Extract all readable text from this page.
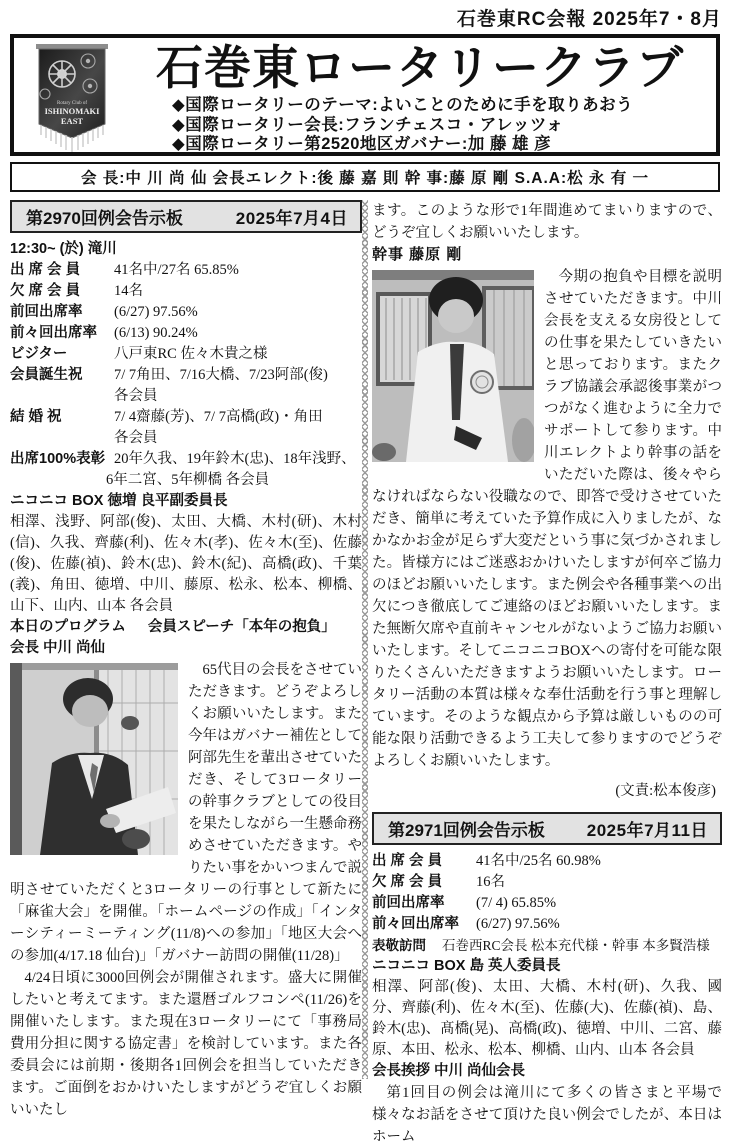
石巻東RC会報 2025年7・8月
Rotary Club of
ISHINOMAKI
EAST
石巻東ロータリークラブ
◆国際ロータリーのテーマ:よいことのために手を取りあおう
◆国際ロータリー会長:フランチェスコ・アレッツォ
◆国際ロータリー第2520地区ガバナー:加 藤 雄 彦
会 長:中 川 尚 仙 会長エレクト:後 藤 嘉 則 幹 事:藤 原 剛 S.A.A:松 永 有 一
第2970回例会告示板	2025年7月4日
12:30~ (於) 滝川
出 席 会 員	41名中/27名 65.85%
欠 席 会 員	14名
前回出席率	(6/27) 97.56%
前々回出席率	(6/13) 90.24%
ビジター	八戸東RC 佐々木貴之様
会員誕生祝	7/ 7角田、7/16大橋、7/23阿部(俊)
各会員
結 婚 祝	7/ 4齋藤(芳)、7/ 7高橋(政)・角田
各会員
出席100%表彰 20年久我、19年鈴木(忠)、18年浅野、
6年二宮、5年柳橋 各会員
ニコニコ BOX 徳増 良平副委員長
相澤、浅野、阿部(俊)、太田、大橋、木村(研)、木村(信)、久我、齊藤(利)、佐々木(孝)、佐々木(至)、佐藤(俊)、佐藤(禎)、鈴木(忠)、鈴木(紀)、高橋(政)、千葉(義)、角田、徳増、中川、藤原、松永、松本、柳橋、山下、山内、山本 各会員
本日のプログラム 会員スピーチ「本年の抱負」
会長 中川 尚仙

65代目の会長をさせていただきます。どうぞよろしくお願いいたします。また今年はガバナー補佐として阿部先生を輩出させていただき、そして3ロータリーの幹事クラブとしての役目を果たしながら一生懸命務めさせていただきます。やりたい事をかいつまんで説明させていただくと3ロータリーの行事として新たに「麻雀大会」を開催。「ホームページの作成」「インターシティーミーティング(11/8)への参加」「地区大会への参加(4/17.18 仙台)」「ガバナー訪問の開催(11/28)」

4/24日頃に3000回例会が開催されます。盛大に開催したいと考えてます。また還暦ゴルフコンペ(11/26)を開催いたします。また現在3ロータリーにて「事務局費用分担に関する協定書」を検討しています。また各委員会には前期・後期各1回例会を担当していただきます。ご面倒をおかけいたしますがどうぞ宜しくお願いいたし

ます。このような形で1年間進めてまいりますので、どうぞ宜しくお願いいたします。

幹事 藤原 剛

今期の抱負や目標を説明させていただきます。中川会長を支える女房役としての仕事を果たしていきたいと思っております。またクラブ協議会承認後事業がつつがなく進むように全力でサポートして参ります。中川エレクトより幹事の話をいただいた際は、後々やらなければならない役職なので、即答で受けさせていただき、簡単に考えていた予算作成に入りましたが、なかなかお金が足らず大変だという事に気づかされました。皆様方にはご迷惑おかけいたしますが何卒ご協力のほどお願いいたします。また例会や各種事業への出欠につき徹底してご連絡のほどお願いいたします。また無断欠席や直前キャンセルがないようご協力お願いいたします。そしてニコニコBOXへの寄付を可能な限りたくさんいただきますようお願いいたします。ロータリー活動の本質は様々な奉仕活動を行う事と理解しています。そのような観点から予算は厳しいものの可能な限り活動できるよう工夫して参りますのでどうぞよろしくお願いいたします。

(文責:松本俊彦)
第2971回例会告示板 2025年7月11日
出 席 会 員	41名中/25名 60.98%
欠 席 会 員	16名
前回出席率	(7/ 4) 65.85%
前々回出席率	(6/27) 97.56%
表敬訪問	石巻西RC会長 松本充代様・幹事 本多賢浩様
ニコニコ BOX 島 英人委員長
相澤、阿部(俊)、太田、大橋、木村(研)、久我、國分、齊藤(利)、佐々木(至)、佐藤(大)、佐藤(禎)、島、鈴木(忠)、髙橋(晃)、高橋(政)、徳増、中川、二宮、藤原、本田、松永、松本、柳橋、山内、山本 各会員
会長挨拶 中川 尚仙会長

第1回目の例会は滝川にて多くの皆さまと平場で様々なお話をさせて頂けた良い例会でしたが、本日はホーム
